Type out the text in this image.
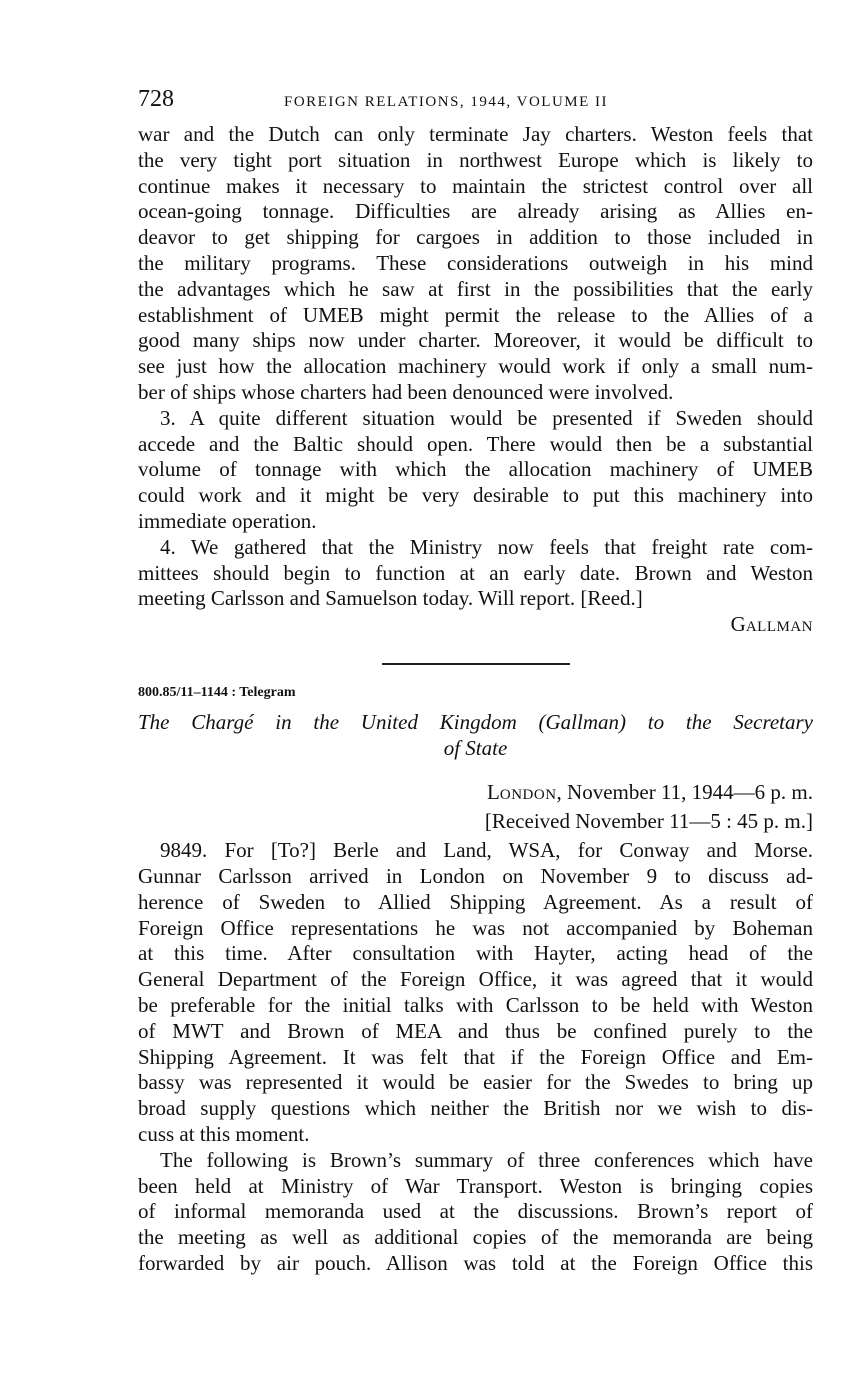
728	FOREIGN RELATIONS, 1944, VOLUME II
war and the Dutch can only terminate Jay charters. Weston feels that
the very tight port situation in northwest Europe which is likely to
continue makes it necessary to maintain the strictest control over all
ocean-going tonnage. Difficulties are already arising as Allies en-
deavor to get shipping for cargoes in addition to those included in
the military programs. These considerations outweigh in his mind
the advantages which he saw at first in the possibilities that the early
establishment of UMEB might permit the release to the Allies of a
good many ships now under charter. Moreover, it would be difficult to
see just how the allocation machinery would work if only a small num-
ber of ships whose charters had been denounced were involved.
3. A quite different situation would be presented if Sweden should
accede and the Baltic should open. There would then be a substantial
volume of tonnage with which the allocation machinery of UMEB
could work and it might be very desirable to put this machinery into
immediate operation.
4. We gathered that the Ministry now feels that freight rate com-
mittees should begin to function at an early date. Brown and Weston
meeting Carlsson and Samuelson today. Will report. [Reed.]
GALLMAN
800.85/11–1144 : Telegram
The Chargé in the United Kingdom (Gallman) to the Secretary
of State
LONDON, November 11, 1944—6 p. m.
[Received November 11—5 : 45 p. m.]
9849. For [To?] Berle and Land, WSA, for Conway and Morse.
Gunnar Carlsson arrived in London on November 9 to discuss ad-
herence of Sweden to Allied Shipping Agreement. As a result of
Foreign Office representations he was not accompanied by Boheman
at this time. After consultation with Hayter, acting head of the
General Department of the Foreign Office, it was agreed that it would
be preferable for the initial talks with Carlsson to be held with Weston
of MWT and Brown of MEA and thus be confined purely to the
Shipping Agreement. It was felt that if the Foreign Office and Em-
bassy was represented it would be easier for the Swedes to bring up
broad supply questions which neither the British nor we wish to dis-
cuss at this moment.
The following is Brown’s summary of three conferences which have
been held at Ministry of War Transport. Weston is bringing copies
of informal memoranda used at the discussions. Brown’s report of
the meeting as well as additional copies of the memoranda are being
forwarded by air pouch. Allison was told at the Foreign Office this
